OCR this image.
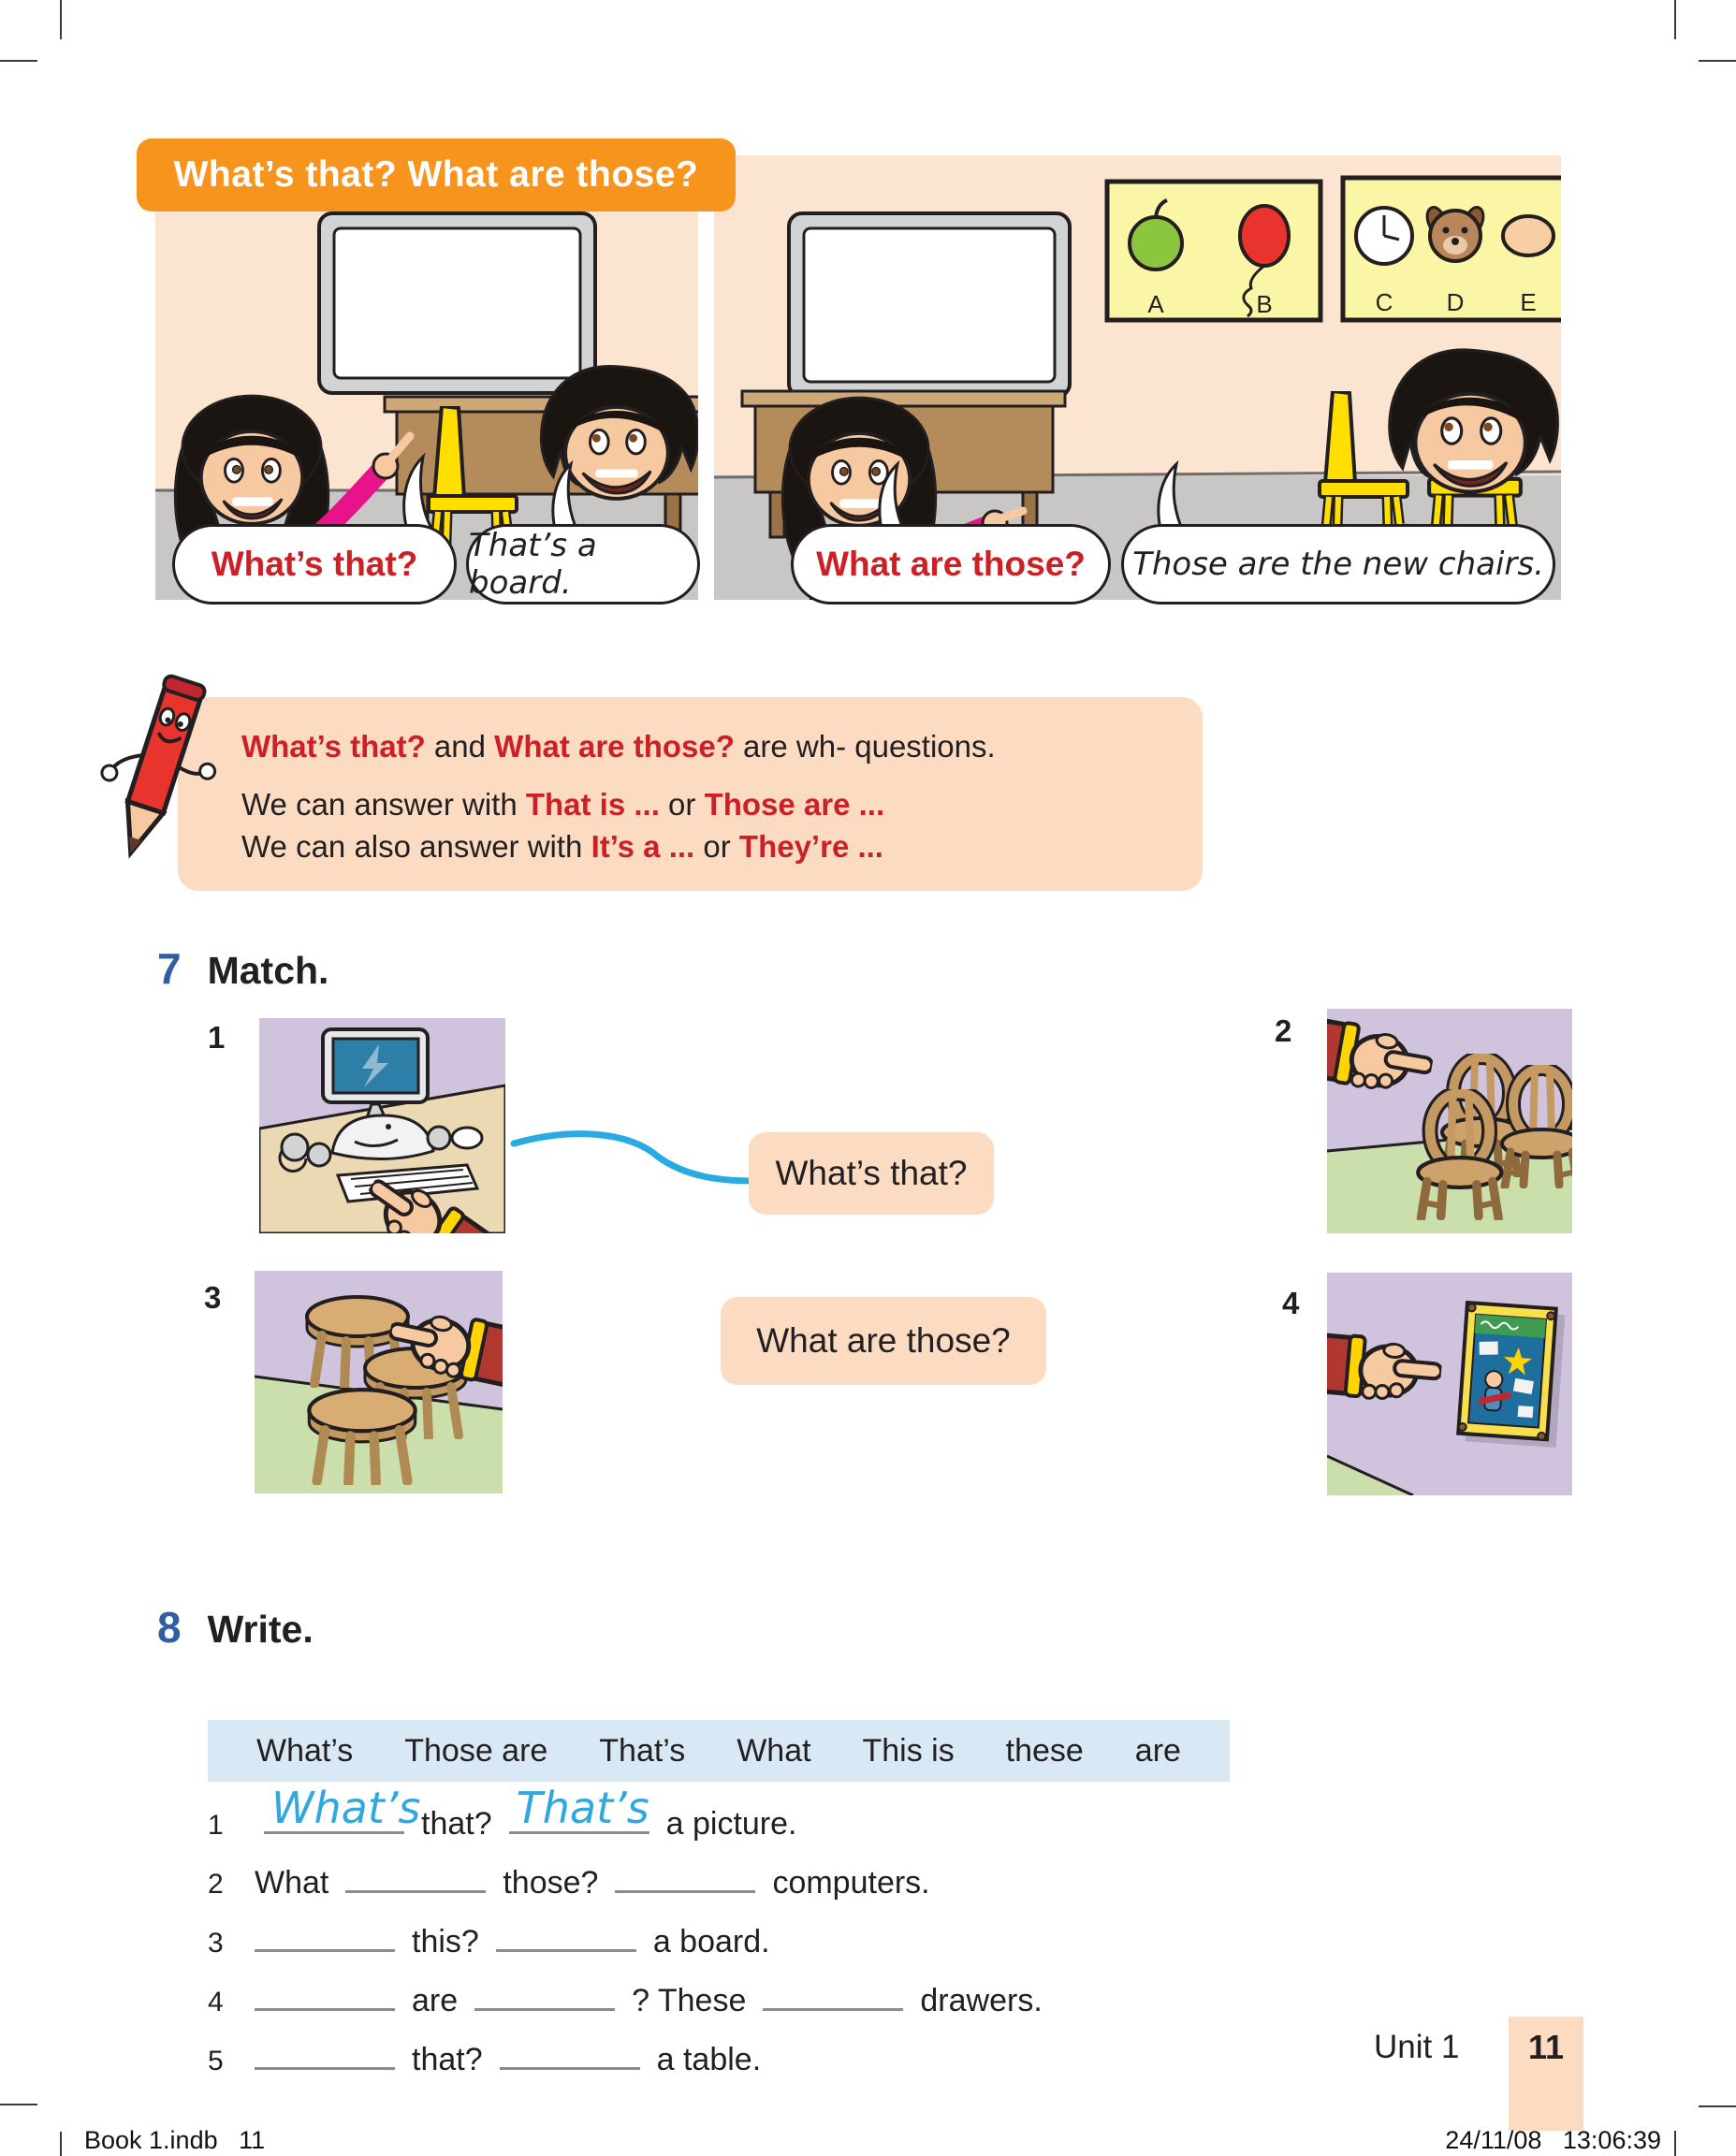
What’s that? What are those?
A	B	C D E
What’s that? That’s a board.	What are those? Those are the new chairs.
What’s that? and What are those? are wh- questions.
We can answer with That is ... or Those are ...
We can also answer with It’s a ... or They’re ...
7 Match.
1	2
3	4
What’s that?
What are those?
8 Write.
What’s Those are That’s What This is these are
1	What’s that? That’s a picture.
2 What	those?	computers.
3	this?	a board.
4	are	? These	drawers.
5	that?	a table.	Unit 1 11
Book 1.indb   11	24/11/08   13:06:39
